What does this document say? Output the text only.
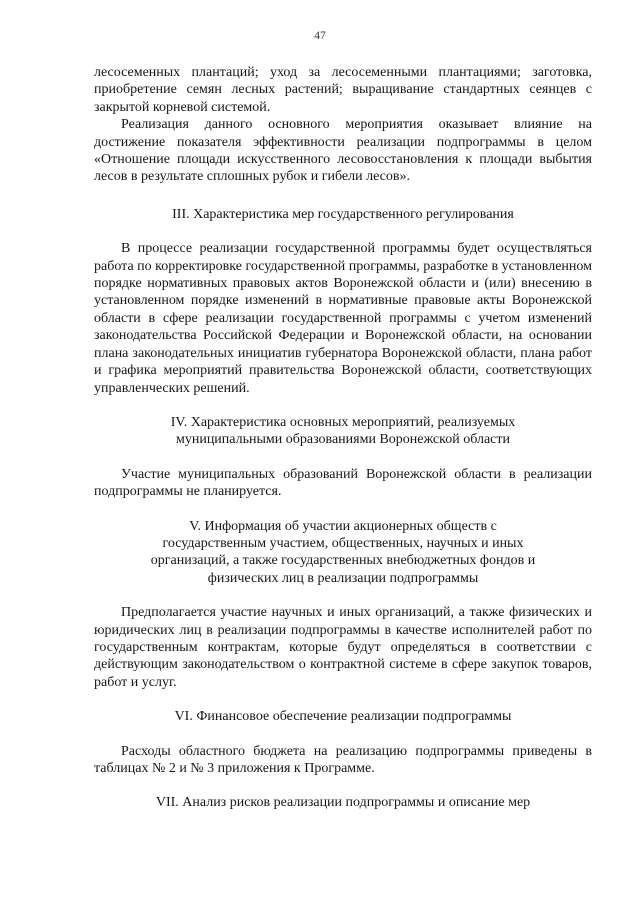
47

лесосеменных плантаций; уход за лесосеменными плантациями; заготовка, приобретение семян лесных растений; выращивание стандартных сеянцев с закрытой корневой системой.

Реализация данного основного мероприятия оказывает влияние на достижение показателя эффективности реализации подпрограммы в целом «Отношение площади искусственного лесовосстановления к площади выбытия лесов в результате сплошных рубок и гибели лесов».

III. Характеристика мер государственного регулирования

В процессе реализации государственной программы будет осуществляться работа по корректировке государственной программы, разработке в установленном порядке нормативных правовых актов Воронежской области и (или) внесению в установленном порядке изменений в нормативные правовые акты Воронежской области в сфере реализации государственной программы с учетом изменений законодательства Российской Федерации и Воронежской области, на основании плана законодательных инициатив губернатора Воронежской области, плана работ и графика мероприятий правительства Воронежской области, соответствующих управленческих решений.

IV. Характеристика основных мероприятий, реализуемых

муниципальными образованиями Воронежской области

Участие муниципальных образований Воронежской области в реализации подпрограммы не планируется.

V. Информация об участии акционерных обществ с

государственным участием, общественных, научных и иных

организаций, а также государственных внебюджетных фондов и

физических лиц в реализации подпрограммы

Предполагается участие научных и иных организаций, а также физических и юридических лиц в реализации подпрограммы в качестве исполнителей работ по государственным контрактам, которые будут определяться в соответствии с действующим законодательством о контрактной системе в сфере закупок товаров, работ и услуг.

VI. Финансовое обеспечение реализации подпрограммы

Расходы областного бюджета на реализацию подпрограммы приведены в таблицах № 2 и № 3 приложения к Программе.

VII. Анализ рисков реализации подпрограммы и описание мер
